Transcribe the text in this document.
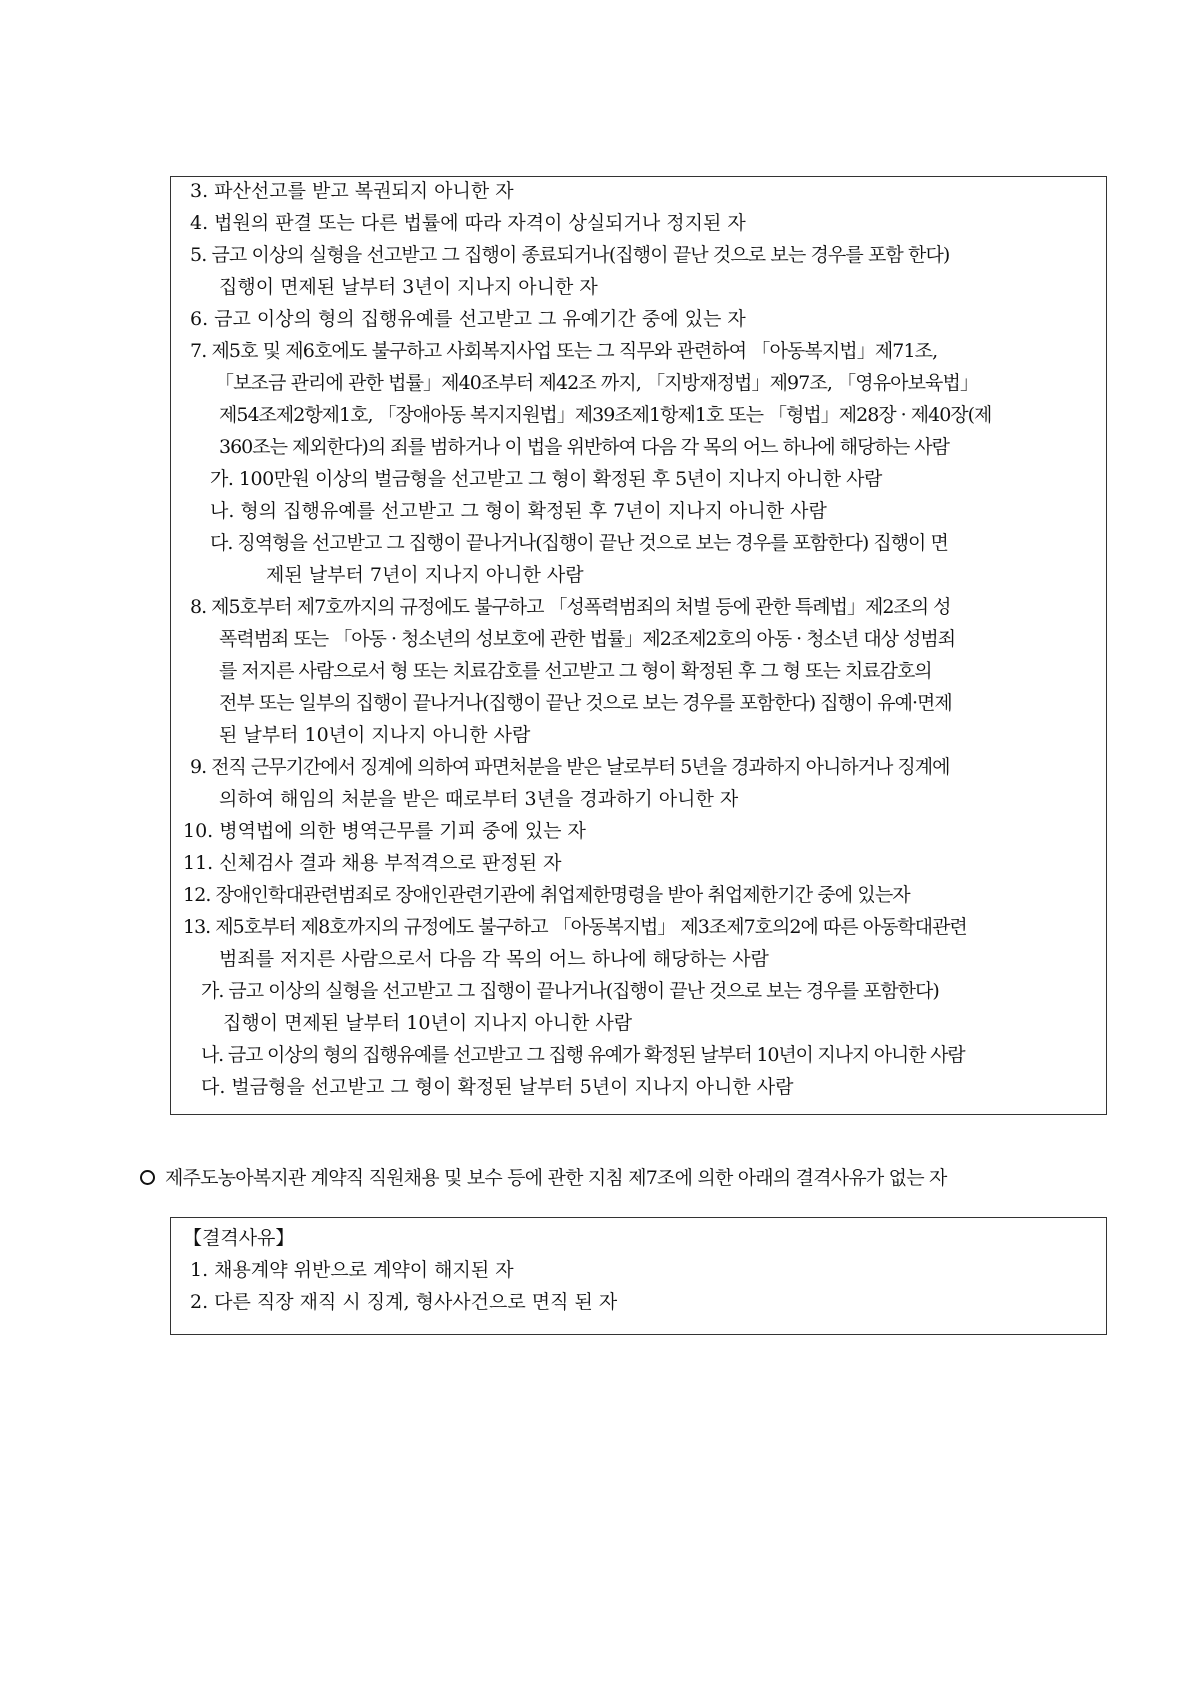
3. 파산선고를 받고 복권되지 아니한 자
4. 법원의 판결 또는 다른 법률에 따라 자격이 상실되거나 정지된 자
5. 금고 이상의 실형을 선고받고 그 집행이 종료되거나(집행이 끝난 것으로 보는 경우를 포함 한다)
집행이 면제된 날부터 3년이 지나지 아니한 자
6. 금고 이상의 형의 집행유예를 선고받고 그 유예기간 중에 있는 자
7. 제5호 및 제6호에도 불구하고 사회복지사업 또는 그 직무와 관련하여 「아동복지법」제71조,
「보조금 관리에 관한 법률」제40조부터 제42조 까지, 「지방재정법」제97조, 「영유아보육법」
제54조제2항제1호, 「장애아동 복지지원법」제39조제1항제1호 또는 「형법」제28장 · 제40장(제
360조는 제외한다)의 죄를 범하거나 이 법을 위반하여 다음 각 목의 어느 하나에 해당하는 사람
가. 100만원 이상의 벌금형을 선고받고 그 형이 확정된 후 5년이 지나지 아니한 사람
나. 형의 집행유예를 선고받고 그 형이 확정된 후 7년이 지나지 아니한 사람
다. 징역형을 선고받고 그 집행이 끝나거나(집행이 끝난 것으로 보는 경우를 포함한다) 집행이 면
제된 날부터 7년이 지나지 아니한 사람
8. 제5호부터 제7호까지의 규정에도 불구하고 「성폭력범죄의 처벌 등에 관한 특례법」제2조의 성
폭력범죄 또는 「아동 · 청소년의 성보호에 관한 법률」제2조제2호의 아동 · 청소년 대상 성범죄
를 저지른 사람으로서 형 또는 치료감호를 선고받고 그 형이 확정된 후 그 형 또는 치료감호의
전부 또는 일부의 집행이 끝나거나(집행이 끝난 것으로 보는 경우를 포함한다) 집행이 유예·면제
된 날부터 10년이 지나지 아니한 사람
9. 전직 근무기간에서 징계에 의하여 파면처분을 받은 날로부터 5년을 경과하지 아니하거나 징계에
의하여 해임의 처분을 받은 때로부터 3년을 경과하기 아니한 자
10. 병역법에 의한 병역근무를 기피 중에 있는 자
11. 신체검사 결과 채용 부적격으로 판정된 자
12. 장애인학대관련범죄로 장애인관련기관에 취업제한명령을 받아 취업제한기간 중에 있는자
13. 제5호부터 제8호까지의 규정에도 불구하고 「아동복지법」 제3조제7호의2에 따른 아동학대관련
범죄를 저지른 사람으로서 다음 각 목의 어느 하나에 해당하는 사람
가. 금고 이상의 실형을 선고받고 그 집행이 끝나거나(집행이 끝난 것으로 보는 경우를 포함한다)
집행이 면제된 날부터 10년이 지나지 아니한 사람
나. 금고 이상의 형의 집행유예를 선고받고 그 집행 유예가 확정된 날부터 10년이 지나지 아니한 사람
다. 벌금형을 선고받고 그 형이 확정된 날부터 5년이 지나지 아니한 사람
제주도농아복지관 계약직 직원채용 및 보수 등에 관한 지침 제7조에 의한 아래의 결격사유가 없는 자
【결격사유】
1. 채용계약 위반으로 계약이 해지된 자
2. 다른 직장 재직 시 징계, 형사사건으로 면직 된 자
